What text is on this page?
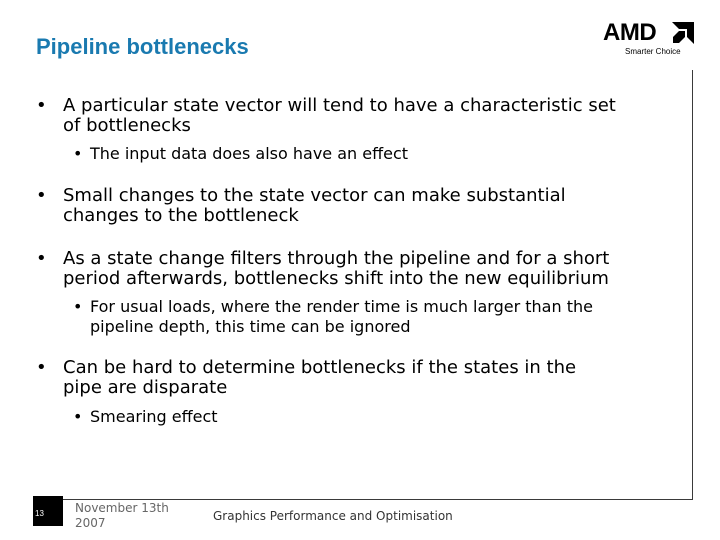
Pipeline bottlenecks
AMD
Smarter Choice
• A particular state vector will tend to have a characteristic set
of bottlenecks
• The input data does also have an effect
• Small changes to the state vector can make substantial
changes to the bottleneck
• As a state change filters through the pipeline and for a short
period afterwards, bottlenecks shift into the new equilibrium
• For usual loads, where the render time is much larger than the
pipeline depth, this time can be ignored
• Can be hard to determine bottlenecks if the states in the
pipe are disparate
• Smearing effect
13	November 13th 2007	Graphics Performance and Optimisation
